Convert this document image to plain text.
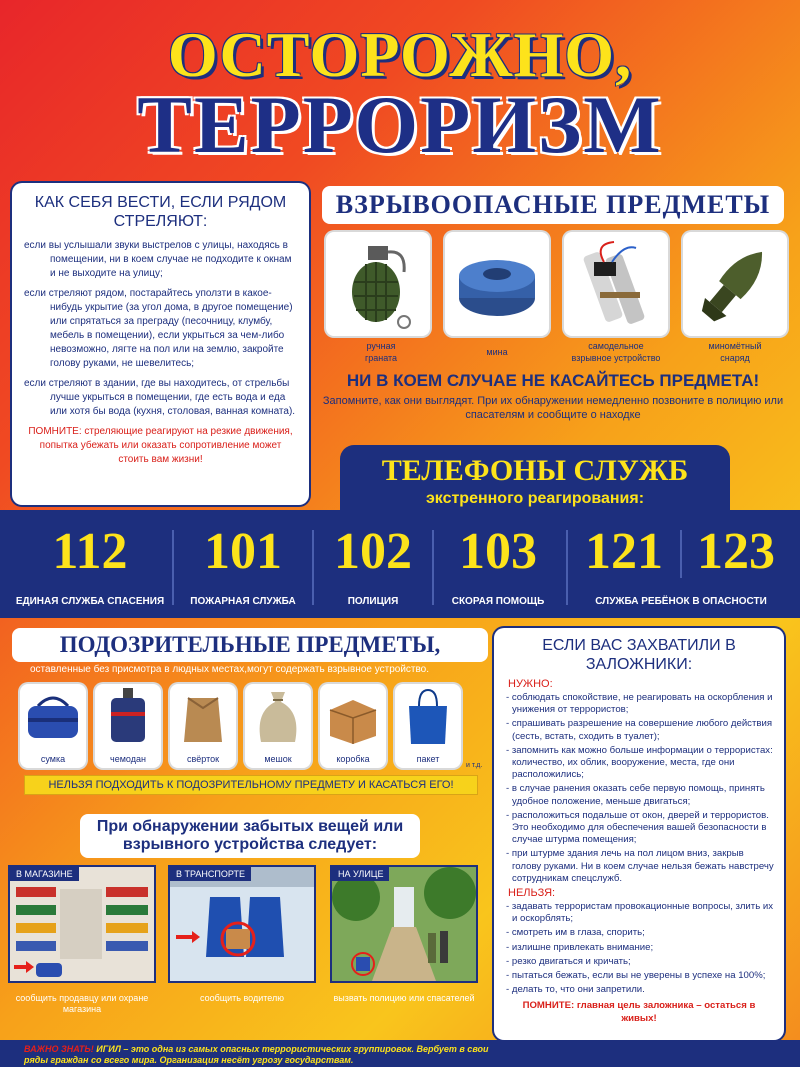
ОСТОРОЖНО,
ТЕРРОРИЗМ
КАК СЕБЯ ВЕСТИ, ЕСЛИ РЯДОМ СТРЕЛЯЮТ:

если вы услышали звуки выстрелов с улицы, находясь в помещении, ни в коем случае не подходите к окнам и не выходите на улицу;

если стреляют рядом, постарайтесь уползти в какое-нибудь укрытие (за угол дома, в другое помещение) или спрятаться за преграду (песочницу, клумбу, мебель в помещении), если укрыться за чем-либо невозможно, лягте на пол или на землю, закройте голову руками, не шевелитесь;

если стреляют в здании, где вы находитесь, от стрельбы лучше укрыться в помещении, где есть вода и еда или хотя бы вода (кухня, столовая, ванная комната).

ПОМНИТЕ: стреляющие реагируют на резкие движения, попытка убежать или оказать сопротивление может стоить вам жизни!

ВЗРЫВООПАСНЫЕ ПРЕДМЕТЫ
ручная граната
мина
самодельное взрывное устройство
миномётный снаряд
НИ В КОЕМ СЛУЧАЕ НЕ КАСАЙТЕСЬ ПРЕДМЕТА!
Запомните, как они выглядят. При их обнаружении немедленно позвоните в полицию или спасателям и сообщите о находке
ТЕЛЕФОНЫ СЛУЖБ
экстренного реагирования:
112
ЕДИНАЯ СЛУЖБА СПАСЕНИЯ
101
ПОЖАРНАЯ СЛУЖБА
102
ПОЛИЦИЯ
103
СКОРАЯ ПОМОЩЬ
121 123
СЛУЖБА РЕБЁНОК В ОПАСНОСТИ
ПОДОЗРИТЕЛЬНЫЕ ПРЕДМЕТЫ,
оставленные без присмотра в людных местах,могут содержать взрывное устройство.
сумка	чемодан	свёрток	мешок	коробка	пакет
и т.д.
НЕЛЬЗЯ ПОДХОДИТЬ К ПОДОЗРИТЕЛЬНОМУ ПРЕДМЕТУ И КАСАТЬСЯ ЕГО!
При обнаружении забытых вещей или взрывного устройства следует:
В МАГАЗИНЕ	В ТРАНСПОРТЕ	НА УЛИЦЕ
сообщить продавцу или охране магазина
сообщить водителю	вызвать полицию или спасателей
ЕСЛИ ВАС ЗАХВАТИЛИ В ЗАЛОЖНИКИ:
НУЖНО:

- соблюдать спокойствие, не реагировать на оскорбления и унижения от террористов;

- спрашивать разрешение на совершение любого действия (сесть, встать, сходить в туалет);

- запомнить как можно больше информации о террористах: количество, их облик, вооружение, места, где они расположились;

- в случае ранения оказать себе первую помощь, принять удобное положение, меньше двигаться;

- расположиться подальше от окон, дверей и террористов. Это необходимо для обеспечения вашей безопасности в случае штурма помещения;

- при штурме здания лечь на пол лицом вниз, закрыв голову руками. Ни в коем случае нельзя бежать навстречу сотрудникам спецслужб.

НЕЛЬЗЯ:

- задавать террористам провокационные вопросы, злить их и оскорблять;

- смотреть им в глаза, спорить;

- излишне привлекать внимание;

- резко двигаться и кричать;

- пытаться бежать, если вы не уверены в успехе на 100%;

- делать то, что они запретили.

ПОМНИТЕ: главная цель заложника – остаться в живых!

ВАЖНО ЗНАТЬ! ИГИЛ – это одна из самых опасных террористических группировок. Вербует в свои ряды граждан со всего мира. Организация несёт угрозу государствам.
